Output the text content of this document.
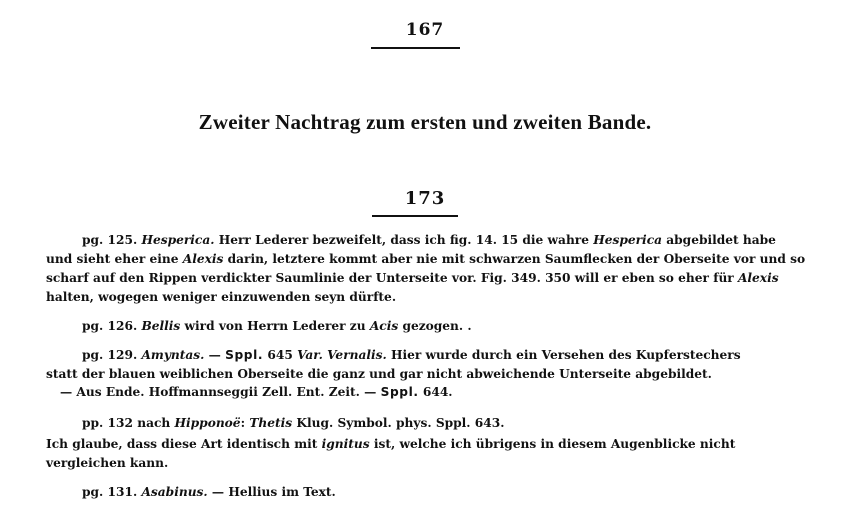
167
Zweiter Nachtrag zum ersten und zweiten Bande.
173
pg. 125. Hesperica. Herr Lederer bezweifelt, dass ich fig. 14. 15 die wahre Hesperica abgebildet habe
und sieht eher eine Alexis darin, letztere kommt aber nie mit schwarzen Saumflecken der Oberseite vor und so
scharf auf den Rippen verdickter Saumlinie der Unterseite vor. Fig. 349. 350 will er eben so eher für Alexis
halten, wogegen weniger einzuwenden seyn dürfte.
pg. 126. Bellis wird von Herrn Lederer zu Acis gezogen. .
pg. 129. Amyntas. — Sppl. 645 Var. Vernalis. Hier wurde durch ein Versehen des Kupferstechers
statt der blauen weiblichen Oberseite die ganz und gar nicht abweichende Unterseite abgebildet.
— Aus Ende. Hoffmannseggii Zell. Ent. Zeit. — Sppl. 644.
pp. 132 nach Hipponoë: Thetis Klug. Symbol. phys. Sppl. 643.
Ich glaube, dass diese Art identisch mit ignitus ist, welche ich übrigens in diesem Augenblicke nicht
vergleichen kann.
pg. 131. Asabinus. — Hellius im Text.
